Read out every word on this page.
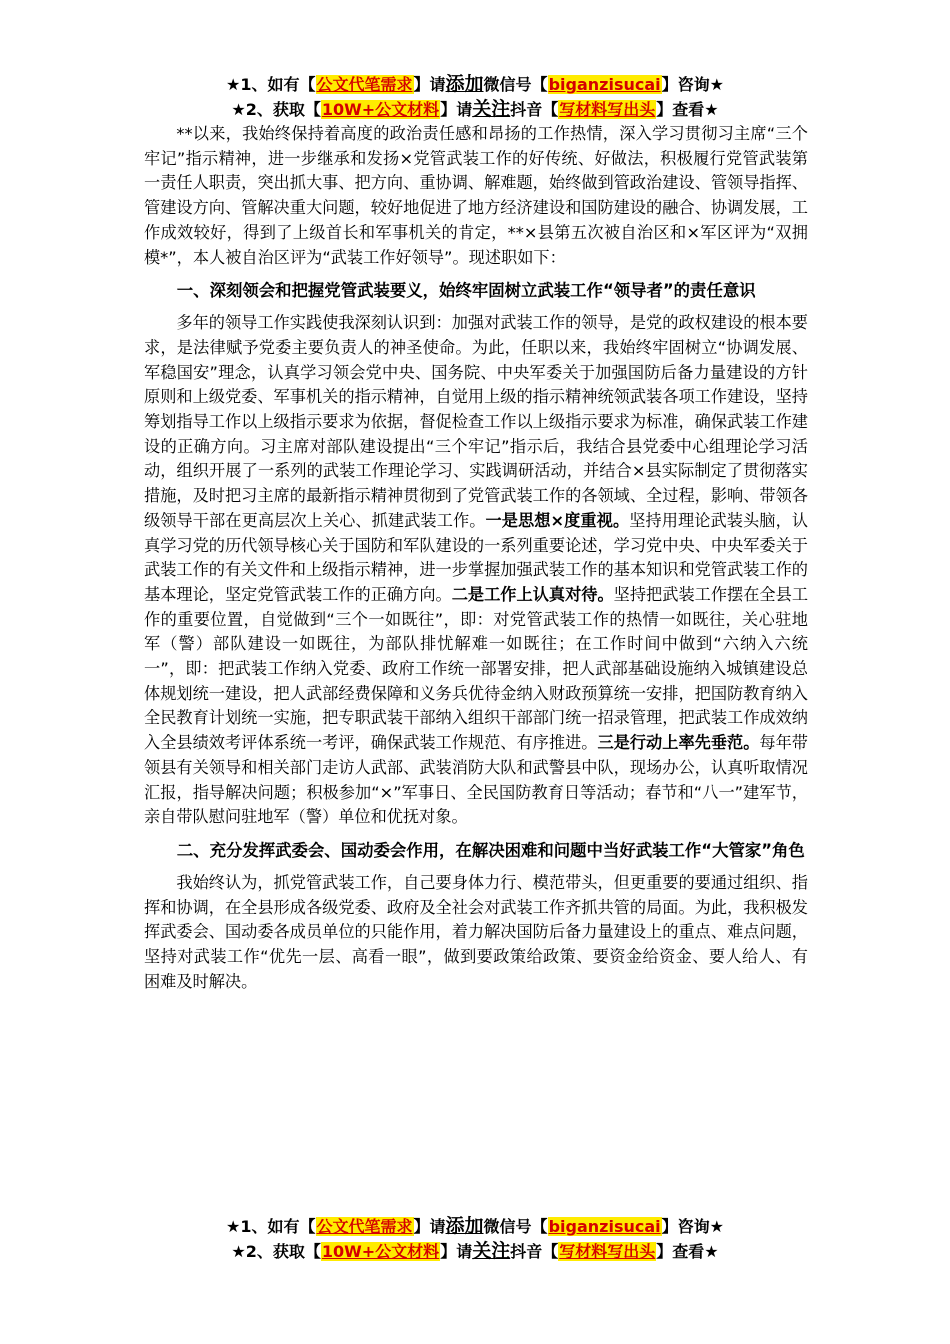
★1、如有【公文代笔需求】请添加微信号【biganzisucai】咨询★
★2、获取【10W+公文材料】请关注抖音【写材料写出头】查看★

**以来，我始终保持着高度的政治责任感和昂扬的工作热情，深入学习贯彻习主席“三个牢记”指示精神，进一步继承和发扬×党管武装工作的好传统、好做法，积极履行党管武装第一责任人职责，突出抓大事、把方向、重协调、解难题，始终做到管政治建设、管领导指挥、管建设方向、管解决重大问题，较好地促进了地方经济建设和国防建设的融合、协调发展，工作成效较好，得到了上级首长和军事机关的肯定，**×县第五次被自治区和×军区评为“双拥模*”，本人被自治区评为“武装工作好领导”。现述职如下：

一、深刻领会和把握党管武装要义，始终牢固树立武装工作“领导者”的责任意识

多年的领导工作实践使我深刻认识到：加强对武装工作的领导，是党的政权建设的根本要求，是法律赋予党委主要负责人的神圣使命。为此，任职以来，我始终牢固树立“协调发展、军稳国安”理念，认真学习领会党中央、国务院、中央军委关于加强国防后备力量建设的方针原则和上级党委、军事机关的指示精神，自觉用上级的指示精神统领武装各项工作建设，坚持筹划指导工作以上级指示要求为依据，督促检查工作以上级指示要求为标准，确保武装工作建设的正确方向。习主席对部队建设提出“三个牢记”指示后，我结合县党委中心组理论学习活动，组织开展了一系列的武装工作理论学习、实践调研活动，并结合×县实际制定了贯彻落实措施，及时把习主席的最新指示精神贯彻到了党管武装工作的各领域、全过程，影响、带领各级领导干部在更高层次上关心、抓建武装工作。一是思想×度重视。坚持用理论武装头脑，认真学习党的历代领导核心关于国防和军队建设的一系列重要论述，学习党中央、中央军委关于武装工作的有关文件和上级指示精神，进一步掌握加强武装工作的基本知识和党管武装工作的基本理论，坚定党管武装工作的正确方向。二是工作上认真对待。坚持把武装工作摆在全县工作的重要位置，自觉做到“三个一如既往”，即：对党管武装工作的热情一如既往，关心驻地军（警）部队建设一如既往，为部队排忧解难一如既往；在工作时间中做到“六纳入六统一”，即：把武装工作纳入党委、政府工作统一部署安排，把人武部基础设施纳入城镇建设总体规划统一建设，把人武部经费保障和义务兵优待金纳入财政预算统一安排，把国防教育纳入全民教育计划统一实施，把专职武装干部纳入组织干部部门统一招录管理，把武装工作成效纳入全县绩效考评体系统一考评，确保武装工作规范、有序推进。三是行动上率先垂范。每年带领县有关领导和相关部门走访人武部、武装消防大队和武警县中队，现场办公，认真听取情况汇报，指导解决问题；积极参加“×”军事日、全民国防教育日等活动；春节和“八一”建军节，亲自带队慰问驻地军（警）单位和优抚对象。

二、充分发挥武委会、国动委会作用，在解决困难和问题中当好武装工作“大管家”角色

我始终认为，抓党管武装工作，自己要身体力行、模范带头，但更重要的要通过组织、指挥和协调，在全县形成各级党委、政府及全社会对武装工作齐抓共管的局面。为此，我积极发挥武委会、国动委各成员单位的只能作用，着力解决国防后备力量建设上的重点、难点问题，坚持对武装工作“优先一层、高看一眼”，做到要政策给政策、要资金给资金、要人给人、有困难及时解决。

★1、如有【公文代笔需求】请添加微信号【biganzisucai】咨询★
★2、获取【10W+公文材料】请关注抖音【写材料写出头】查看★
